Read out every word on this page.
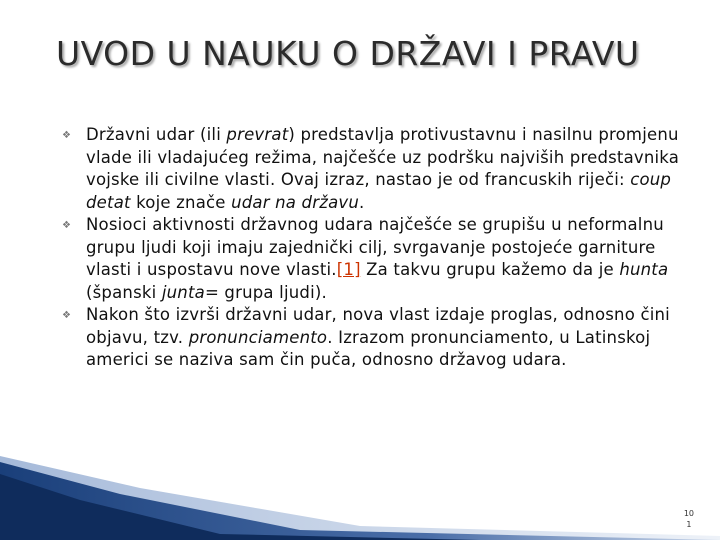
UVOD U NAUKU O DRŽAVI I PRAVU
❖ Državni udar (ili prevrat) predstavlja protivustavnu i nasilnu promjenu vlade ili vladajućeg režima, najčešće uz podršku najviših predstavnika vojske ili civilne vlasti. Ovaj izraz, nastao je od francuskih riječi: coup detat koje znače udar na državu.
❖ Nosioci aktivnosti državnog udara najčešće se grupišu u neformalnu grupu ljudi koji imaju zajednički cilj, svrgavanje postojeće garniture vlasti i uspostavu nove vlasti.[1] Za takvu grupu kažemo da je hunta (španski junta= grupa ljudi).
❖ Nakon što izvrši državni udar, nova vlast izdaje proglas, odnosno čini objavu, tzv. pronunciamento. Izrazom pronunciamento, u Latinskoj americi se naziva sam čin puča, odnosno državog udara.
10
1
